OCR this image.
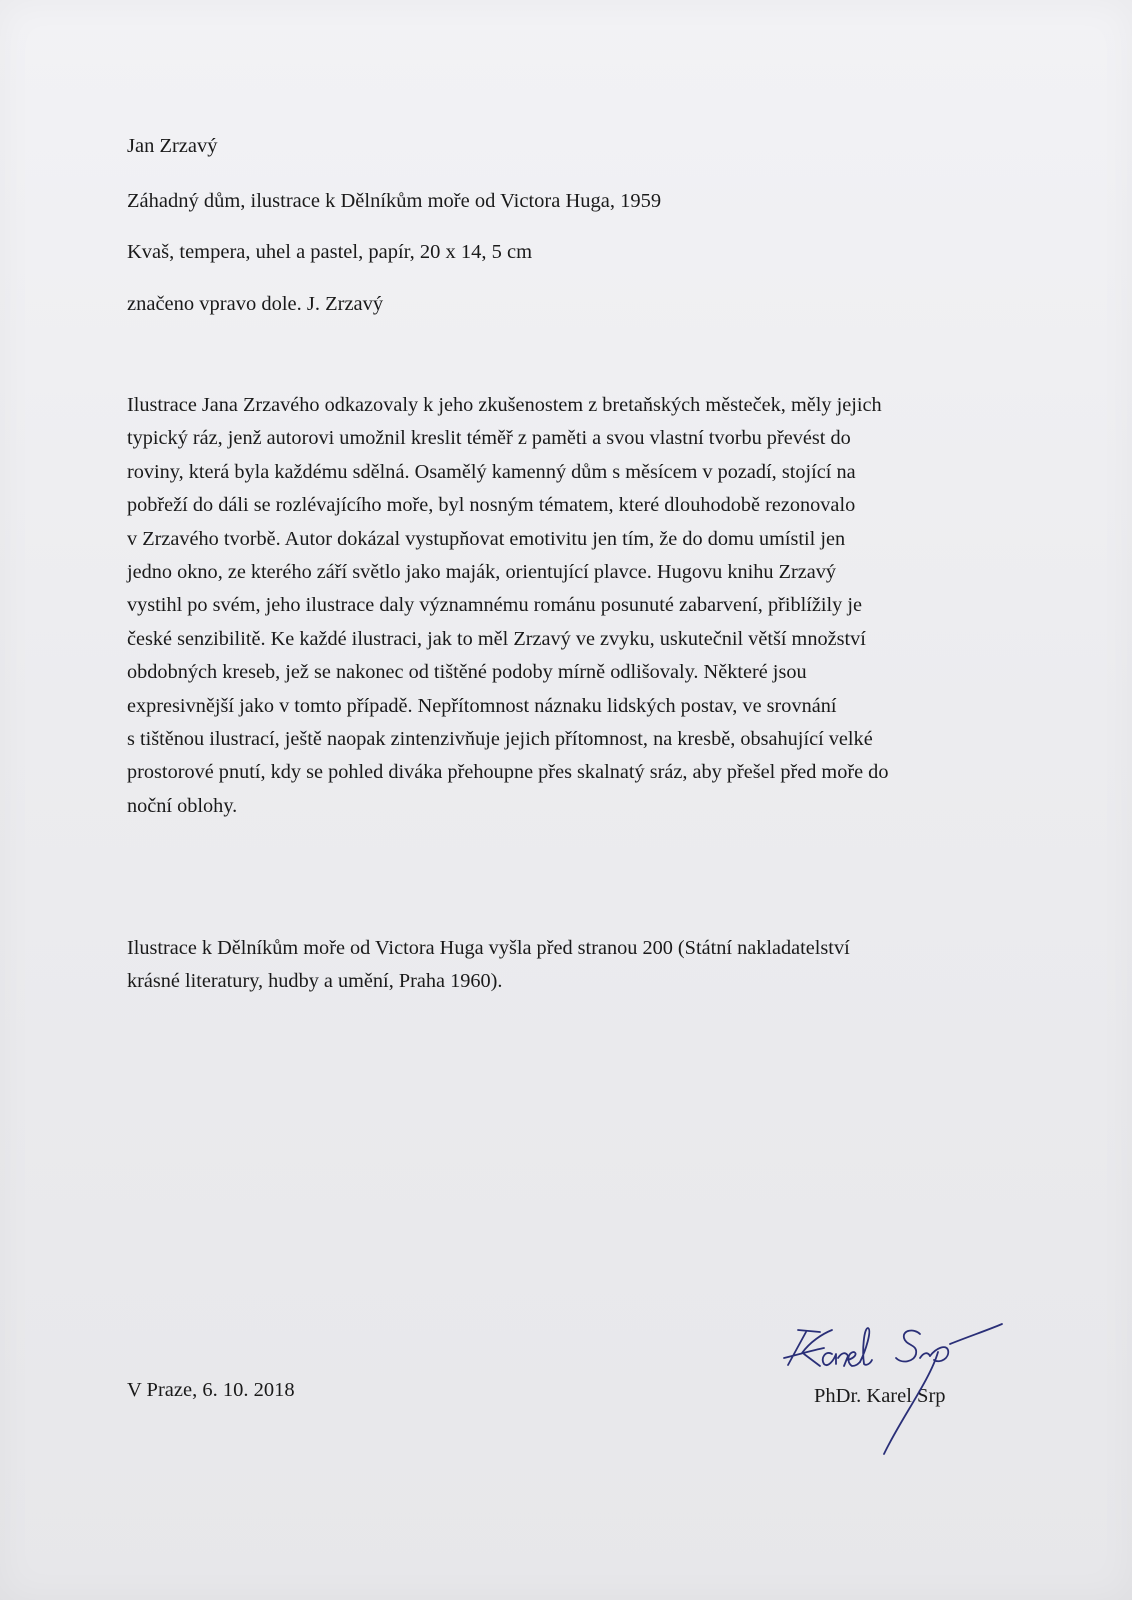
Jan Zrzavý
Záhadný dům, ilustrace k Dělníkům moře od Victora Huga, 1959
Kvaš, tempera, uhel a pastel, papír, 20 x 14, 5 cm
značeno vpravo dole. J. Zrzavý
Ilustrace Jana Zrzavého odkazovaly k jeho zkušenostem z bretaňských městeček, měly jejich
typický ráz, jenž autorovi umožnil kreslit téměř z paměti a svou vlastní tvorbu převést do
roviny, která byla každému sdělná. Osamělý kamenný dům s měsícem v pozadí, stojící na
pobřeží do dáli se rozlévajícího moře, byl nosným tématem, které dlouhodobě rezonovalo
v Zrzavého tvorbě. Autor dokázal vystupňovat emotivitu jen tím, že do domu umístil jen
jedno okno, ze kterého září světlo jako maják, orientující plavce. Hugovu knihu Zrzavý
vystihl po svém, jeho ilustrace daly významnému románu posunuté zabarvení, přiblížily je
české senzibilitě. Ke každé ilustraci, jak to měl Zrzavý ve zvyku, uskutečnil větší množství
obdobných kreseb, jež se nakonec od tištěné podoby mírně odlišovaly. Některé jsou
expresivnější jako v tomto případě. Nepřítomnost náznaku lidských postav, ve srovnání
s tištěnou ilustrací, ještě naopak zintenzivňuje jejich přítomnost, na kresbě, obsahující velké
prostorové pnutí, kdy se pohled diváka přehoupne přes skalnatý sráz, aby přešel před moře do
noční oblohy.
Ilustrace k Dělníkům moře od Victora Huga vyšla před stranou 200 (Státní nakladatelství
krásné literatury, hudby a umění, Praha 1960).
V Praze, 6. 10. 2018	PhDr. Karel Srp
